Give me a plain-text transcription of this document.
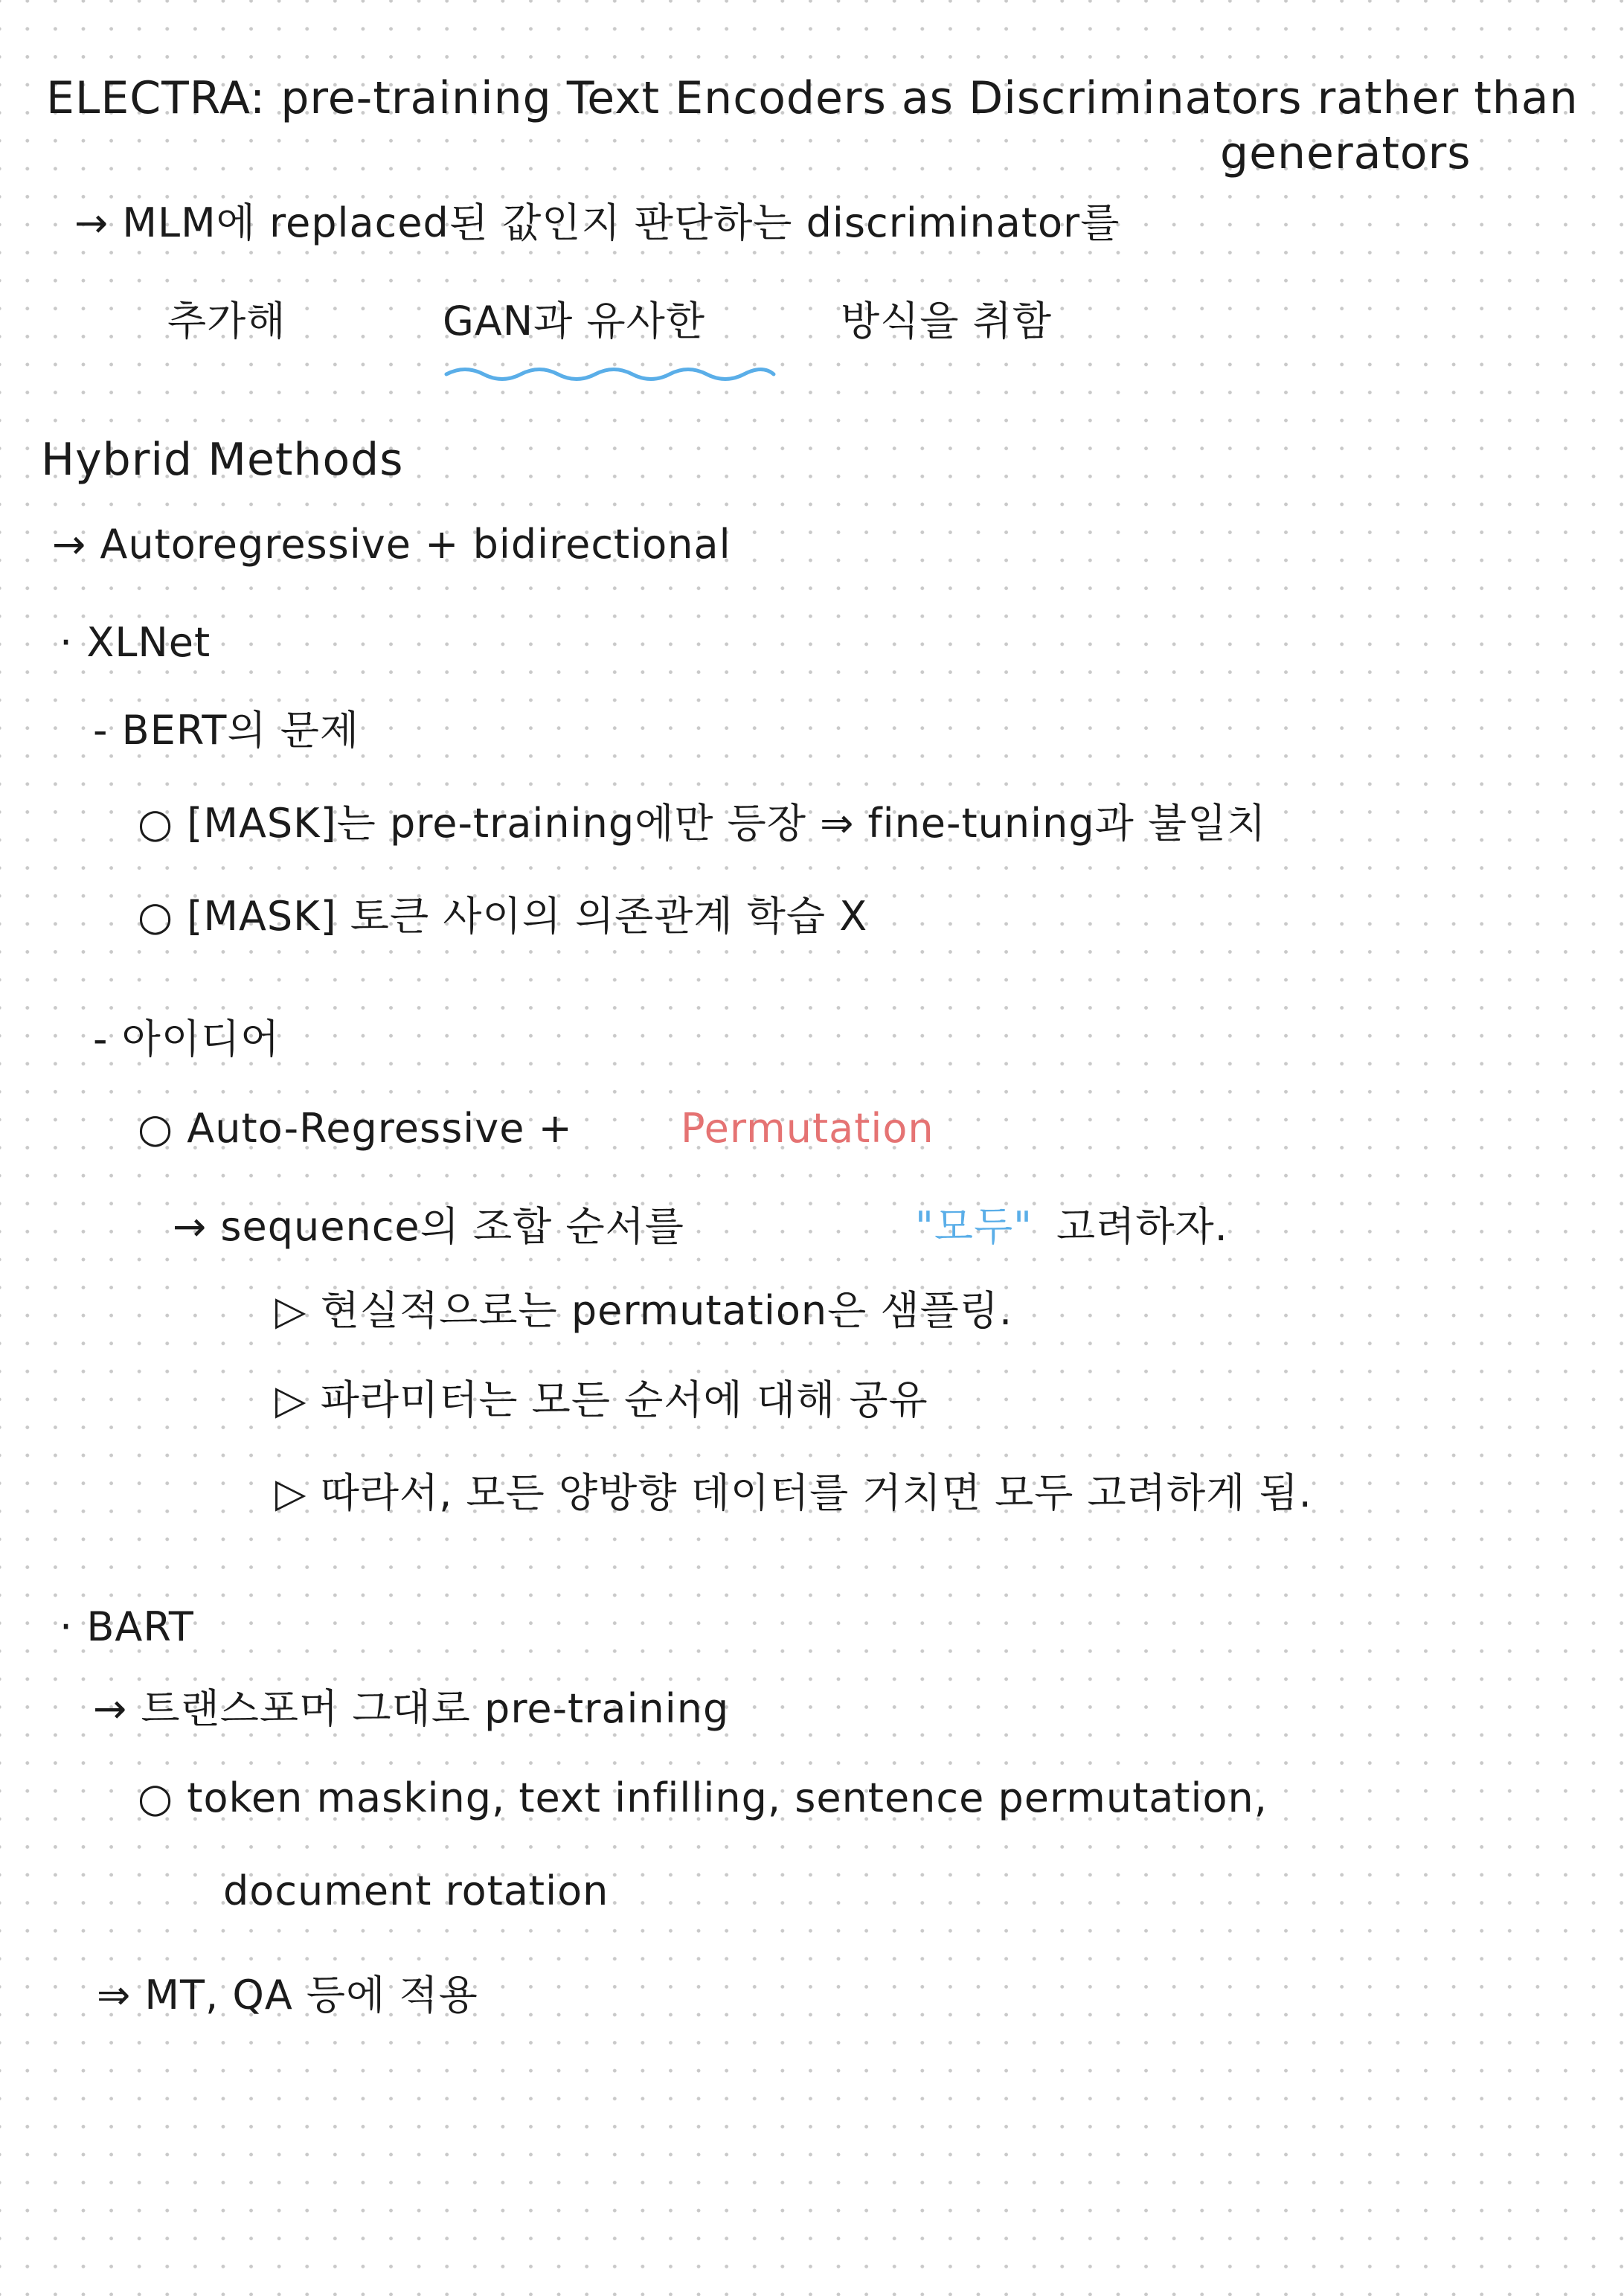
ELECTRA: pre-training Text Encoders as Discriminators rather than
generators
→ MLM에 replaced된 값인지 판단하는 discriminator를
추가해	GAN과 유사한	방식을 취함
Hybrid Methods
→ Autoregressive + bidirectional
· XLNet
- BERT의 문제
○ [MASK]는 pre-training에만 등장 ⇒ fine-tuning과 불일치
○ [MASK] 토큰 사이의 의존관계 학습 X
- 아이디어
○ Auto-Regressive +	Permutation
→ sequence의 조합 순서를	"모두" 고려하자.
▷ 현실적으로는 permutation은 샘플링.
▷ 파라미터는 모든 순서에 대해 공유
▷ 따라서, 모든 양방향 데이터를 거치면 모두 고려하게 됨.
· BART
→ 트랜스포머 그대로 pre-training
○ token masking, text infilling, sentence permutation,
document rotation
⇒ MT, QA 등에 적용
